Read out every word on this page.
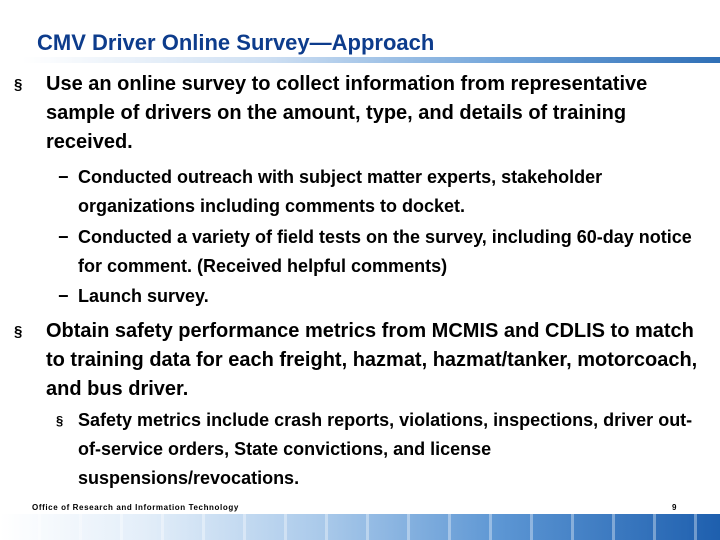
CMV Driver Online Survey—Approach
§ Use an online survey to collect information from representative sample of drivers on the amount, type, and details of training received.
− Conducted outreach with subject matter experts, stakeholder organizations including comments to docket.
− Conducted a variety of field tests on the survey, including 60-day notice for comment. (Received helpful comments)
− Launch survey.
§ Obtain safety performance metrics from MCMIS and CDLIS to match to training data for each freight, hazmat, hazmat/tanker, motorcoach, and bus driver.
§ Safety metrics include crash reports, violations, inspections, driver out-of-service orders, State convictions, and license suspensions/revocations.
Office of Research and Information Technology	9
